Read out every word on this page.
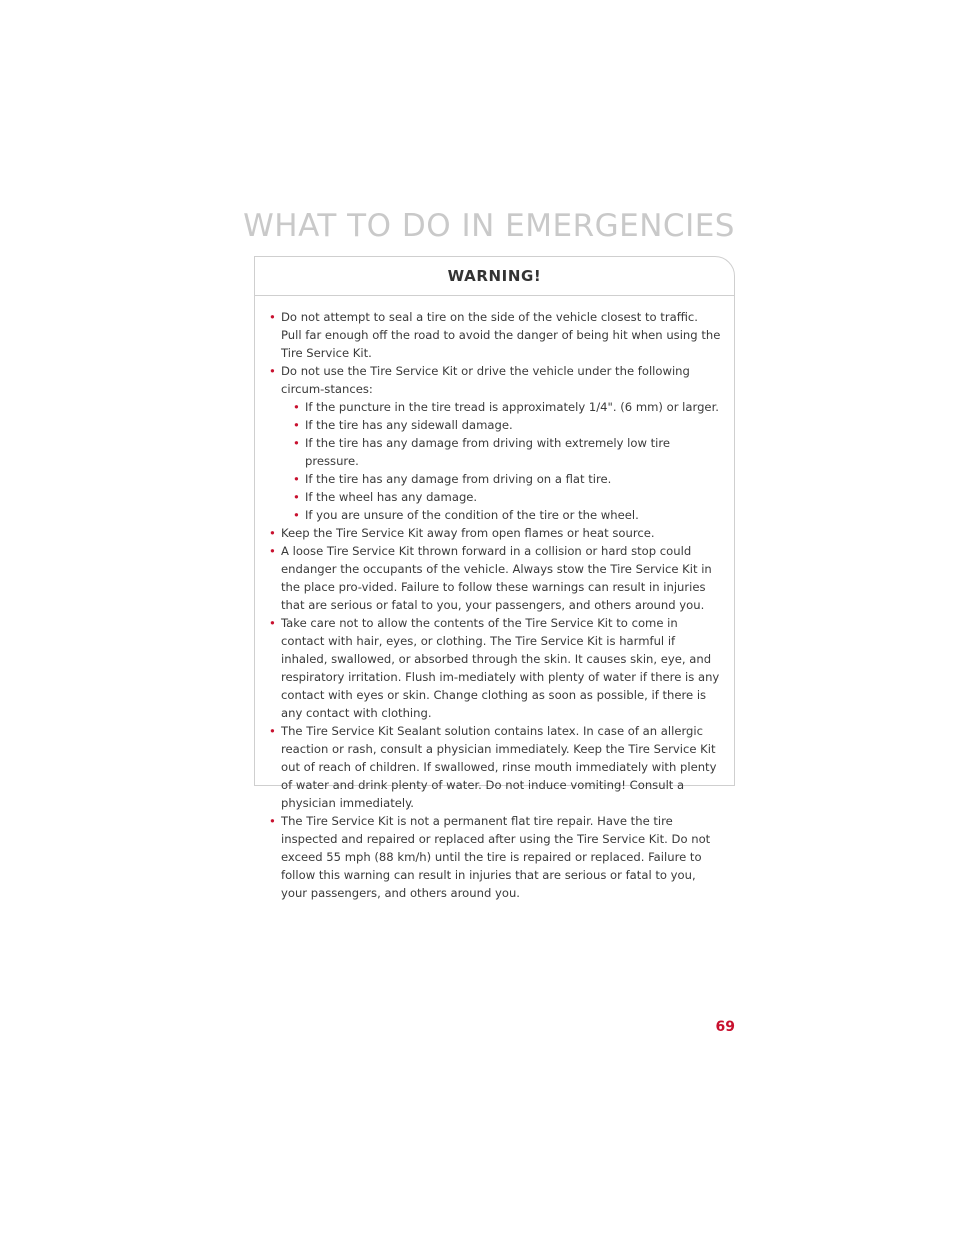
WHAT TO DO IN EMERGENCIES
WARNING!
• Do not attempt to seal a tire on the side of the vehicle closest to traffic. Pull far enough off the road to avoid the danger of being hit when using the Tire Service Kit.
• Do not use the Tire Service Kit or drive the vehicle under the following circum-stances:
• If the puncture in the tire tread is approximately 1/4". (6 mm) or larger.
• If the tire has any sidewall damage.
• If the tire has any damage from driving with extremely low tire pressure.
• If the tire has any damage from driving on a flat tire.
• If the wheel has any damage.
• If you are unsure of the condition of the tire or the wheel.
• Keep the Tire Service Kit away from open flames or heat source.
• A loose Tire Service Kit thrown forward in a collision or hard stop could endanger the occupants of the vehicle. Always stow the Tire Service Kit in the place pro-vided. Failure to follow these warnings can result in injuries that are serious or fatal to you, your passengers, and others around you.
• Take care not to allow the contents of the Tire Service Kit to come in contact with hair, eyes, or clothing. The Tire Service Kit is harmful if inhaled, swallowed, or absorbed through the skin. It causes skin, eye, and respiratory irritation. Flush im-mediately with plenty of water if there is any contact with eyes or skin. Change clothing as soon as possible, if there is any contact with clothing.
• The Tire Service Kit Sealant solution contains latex. In case of an allergic reaction or rash, consult a physician immediately. Keep the Tire Service Kit out of reach of children. If swallowed, rinse mouth immediately with plenty of water and drink plenty of water. Do not induce vomiting! Consult a physician immediately.
• The Tire Service Kit is not a permanent flat tire repair. Have the tire inspected and repaired or replaced after using the Tire Service Kit. Do not exceed 55 mph (88 km/h) until the tire is repaired or replaced. Failure to follow this warning can result in injuries that are serious or fatal to you, your passengers, and others around you.
69
